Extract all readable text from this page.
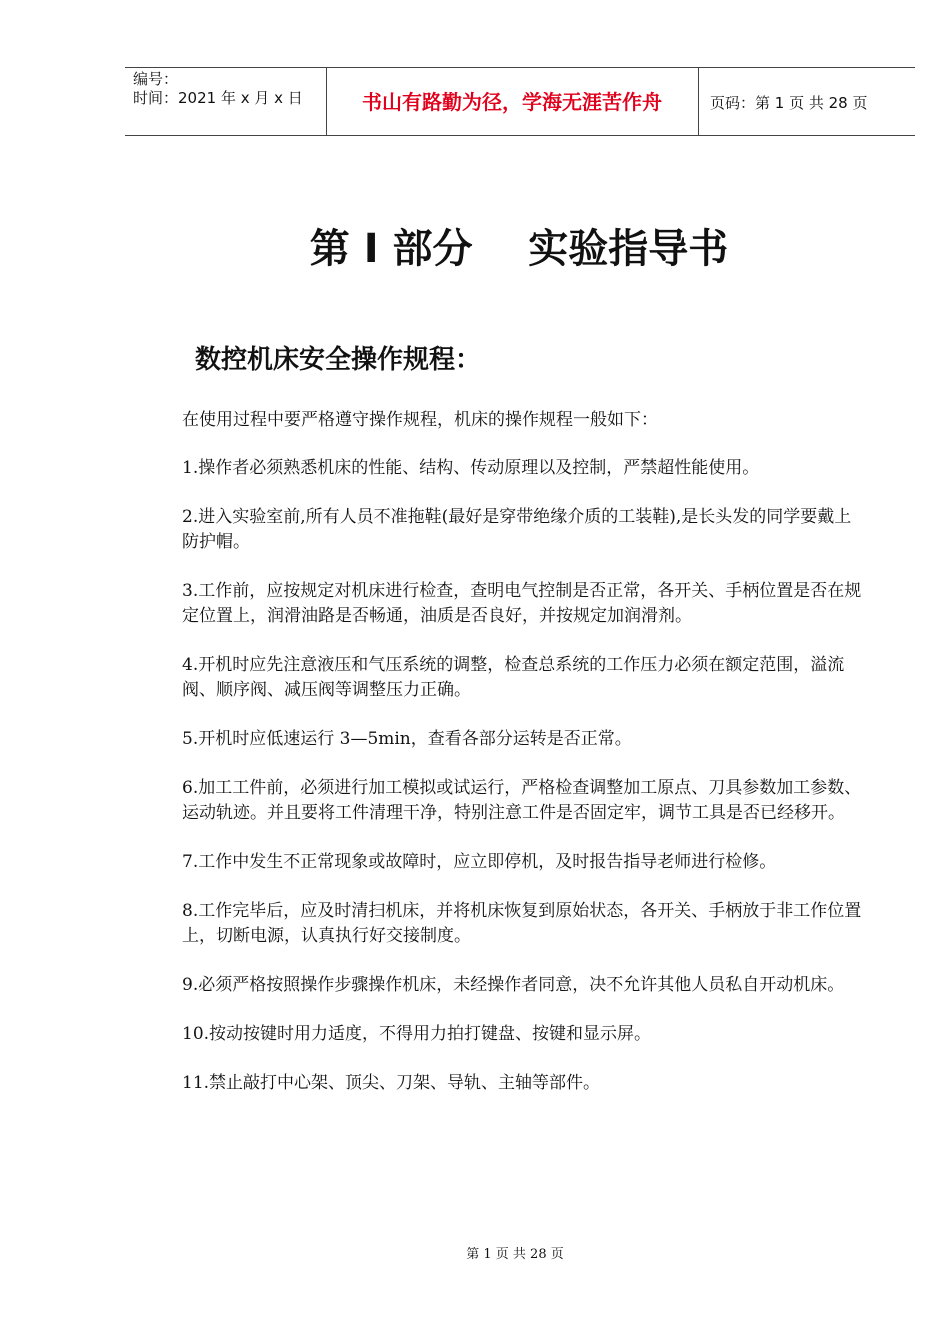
编号：
时间：2021 年 x 月 x 日	书山有路勤为径，学海无涯苦作舟	页码：第 1 页 共 28 页
第 I 部分    实验指导书
数控机床安全操作规程：

在使用过程中要严格遵守操作规程，机床的操作规程一般如下：

1.操作者必须熟悉机床的性能、结构、传动原理以及控制，严禁超性能使用。

2.进入实验室前,所有人员不准拖鞋(最好是穿带绝缘介质的工装鞋),是长头发的同学要戴上防护帽。

3.工作前，应按规定对机床进行检查，查明电气控制是否正常，各开关、手柄位置是否在规定位置上，润滑油路是否畅通，油质是否良好，并按规定加润滑剂。

4.开机时应先注意液压和气压系统的调整，检查总系统的工作压力必须在额定范围，溢流阀、顺序阀、减压阀等调整压力正确。

5.开机时应低速运行 3—5min，查看各部分运转是否正常。

6.加工工件前，必须进行加工模拟或试运行，严格检查调整加工原点、刀具参数加工参数、运动轨迹。并且要将工件清理干净，特别注意工件是否固定牢，调节工具是否已经移开。

7.工作中发生不正常现象或故障时，应立即停机，及时报告指导老师进行检修。

8.工作完毕后，应及时清扫机床，并将机床恢复到原始状态，各开关、手柄放于非工作位置上，切断电源，认真执行好交接制度。

9.必须严格按照操作步骤操作机床，未经操作者同意，决不允许其他人员私自开动机床。

10.按动按键时用力适度，不得用力拍打键盘、按键和显示屏。

11.禁止敲打中心架、顶尖、刀架、导轨、主轴等部件。

第 1 页 共 28 页
